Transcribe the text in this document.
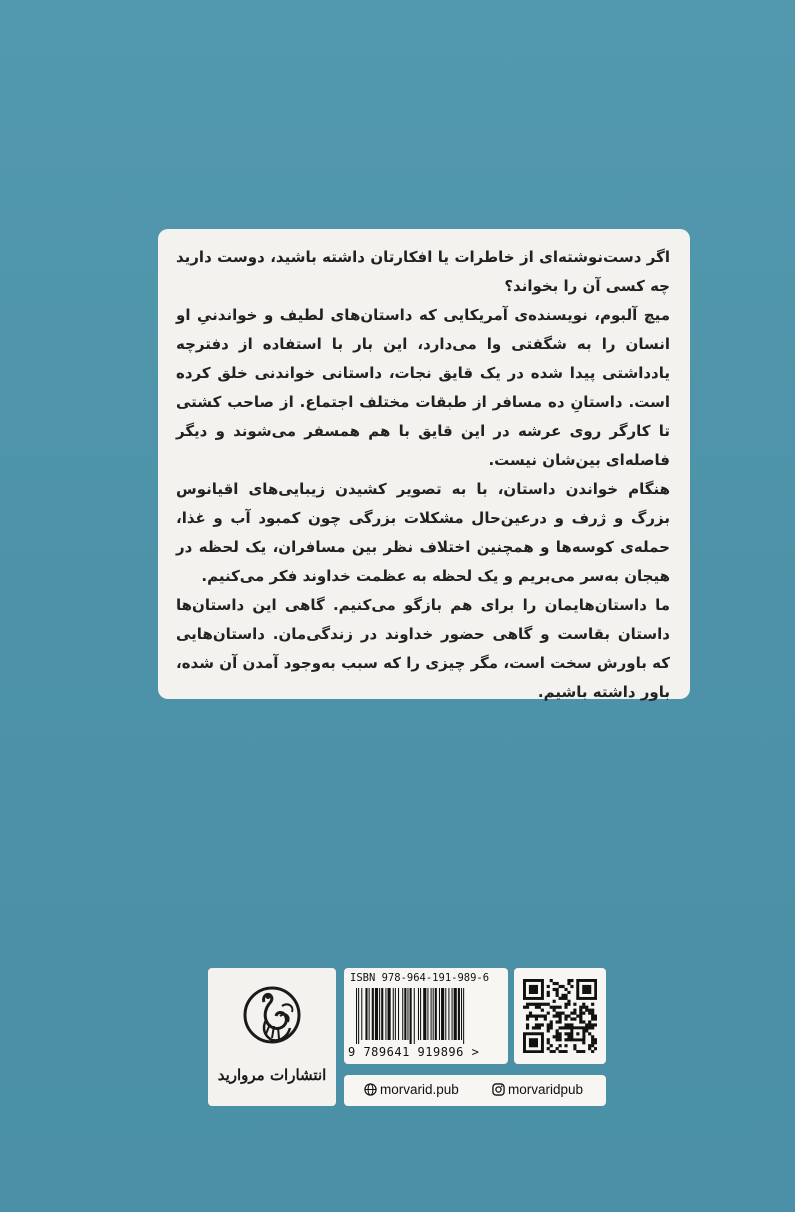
اگر دست‌نوشته‌ای از خاطرات یا افکارتان داشته باشید، دوست دارید چه کسی آن را بخواند؟

میچ آلبوم، نویسنده‌ی آمریکایی که داستان‌های لطیف و خواندنیِ او انسان را به شگفتی وا می‌دارد، این بار با استفاده از دفترچه یادداشتی پیدا شده در یک قایق نجات، داستانی خواندنی خلق کرده است. داستانِ ده مسافر از طبقات مختلف اجتماع. از صاحب کشتی تا کارگر روی عرشه در این قایق با هم همسفر می‌شوند و دیگر فاصله‌ای بین‌شان نیست.

هنگام خواندن داستان، با به تصویر کشیدن زیبایی‌های اقیانوس بزرگ و ژرف و درعین‌حال مشکلات بزرگی چون کمبود آب و غذا، حمله‌ی کوسه‌ها و همچنین اختلاف نظر بین مسافران، یک لحظه در هیجان به‌سر می‌بریم و یک لحظه به عظمت خداوند فکر می‌کنیم.

ما داستان‌هایمان را برای هم بازگو می‌کنیم. گاهی این داستان‌ها داستان بقاست و گاهی حضور خداوند در زندگی‌مان. داستان‌هایی که باورش سخت است، مگر چیزی را که سبب به‌وجود آمدن آن شده، باور داشته باشیم.

انتشارات مروارید
ISBN 978-964-191-989-6
9 789641 919896 >
morvarid.pub	morvaridpub
